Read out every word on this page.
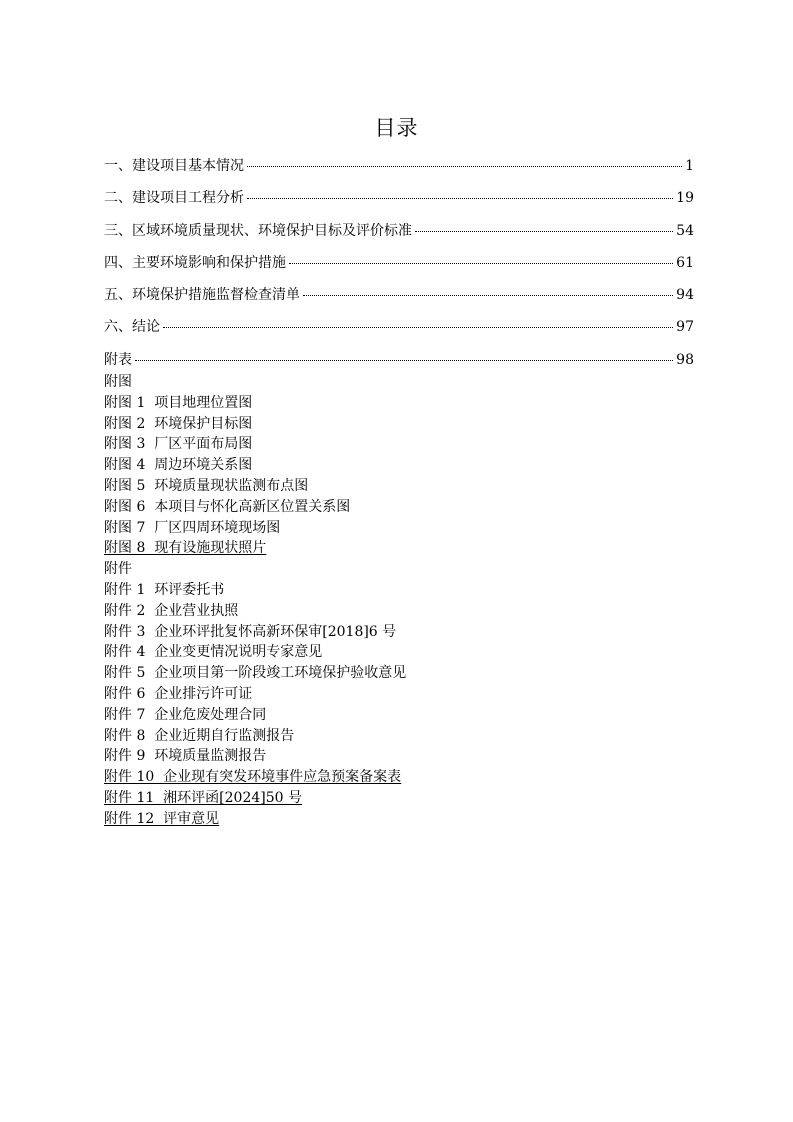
目录
一、建设项目基本情况	1
二、建设项目工程分析	19
三、区域环境质量现状、环境保护目标及评价标准	54
四、主要环境影响和保护措施	61
五、环境保护措施监督检查清单	94
六、结论	97
附表	98
附图
附图 1  项目地理位置图
附图 2  环境保护目标图
附图 3  厂区平面布局图
附图 4  周边环境关系图
附图 5  环境质量现状监测布点图
附图 6  本项目与怀化高新区位置关系图
附图 7  厂区四周环境现场图
附图 8  现有设施现状照片
附件
附件 1  环评委托书
附件 2  企业营业执照
附件 3  企业环评批复怀高新环保审[2018]6 号
附件 4  企业变更情况说明专家意见
附件 5  企业项目第一阶段竣工环境保护验收意见
附件 6  企业排污许可证
附件 7  企业危废处理合同
附件 8  企业近期自行监测报告
附件 9  环境质量监测报告
附件 10  企业现有突发环境事件应急预案备案表
附件 11  湘环评函[2024]50 号
附件 12  评审意见
